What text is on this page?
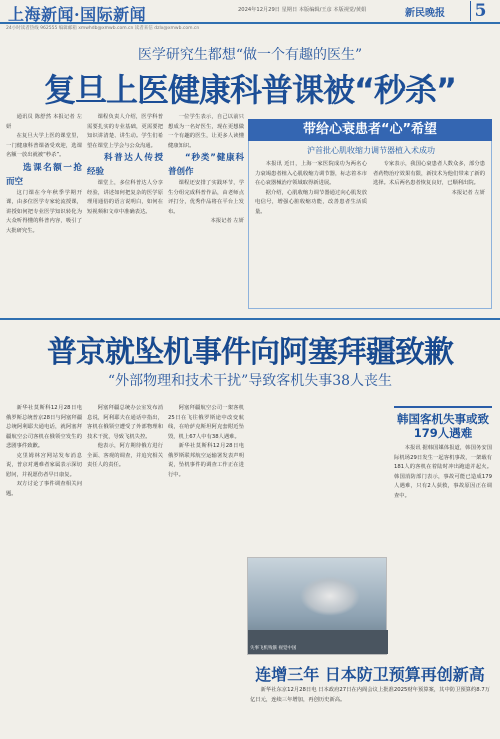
上海新闻·国际新闻	2024年12月29日 星期日 本版编辑/王彦 本版视觉/黄娟	新民晚报 5
24小时读者热线 962555 编辑邮箱 xmwhdb@xmwb.com.cn 读者来信 dzlx@xmwb.com.cn
医学研究生都想“做一个有趣的医生”
复旦上医健康科普课被“秒杀”

通讯员 陈舒然 本报记者 左妍

在复旦大学上医的课堂里，一门健康科普课备受欢迎，选课名额一放出就被“秒杀”。

选课名额一抢而空

这门课在今年秋季学期开课，由多位医学专家轮流授课，讲授如何把专业医学知识转化为大众听得懂的科普内容，吸引了大批研究生。

课程负责人介绍，医学科普需要扎实的专业基础，更需要把知识讲清楚、讲生动。学生们希望在课堂上学会与公众沟通。

科普达人传授经验

课堂上，多位科普达人分享经验，讲述如何把复杂的医学原理用通俗的语言说明白，如何在短视频和文章中准确表达。

一位学生表示，自己以前只想成为一名好医生，现在更想做一个有趣的医生，让更多人读懂健康知识。

“秒类”健康科普创作

课程还安排了实践环节，学生分组完成科普作品，由老师点评打分，优秀作品将在平台上发布。

本报记者 左妍

带给心衰患者“心”希望
沪首批心肌收缩力调节器植入术成功

本报讯 近日，上海一家医院成功为两名心力衰竭患者植入心肌收缩力调节器，标志着本市在心衰器械治疗领域取得新进展。

据介绍，心肌收缩力调节器通过向心肌发放电信号，增强心脏收缩功能，改善患者生活质量。

专家表示，我国心衰患者人数众多，部分患者药物治疗效果有限，新技术为他们带来了新的选择。术后两名患者恢复良好，已顺利出院。

本报记者 左妍

普京就坠机事件向阿塞拜疆致歉
“外部物理和技术干扰”导致客机失事38人丧生

新华社莫斯科12月28日电 俄罗斯总统普京28日与阿塞拜疆总统阿利耶夫通电话，就阿塞拜疆航空公司客机在俄领空发生的悲剧事件致歉。

克里姆林宫网站发布消息说，普京对遇难者家属表示深切慰问，并祝愿伤者早日康复。

双方讨论了事件调查相关问题。

阿塞拜疆总统办公室发布消息说，阿利耶夫在通话中指出，客机在俄领空遭受了外部物理和技术干扰，导致飞机失控。

他表示，阿方期待俄方进行全面、客观的调查，并追究相关责任人的责任。

阿塞拜疆航空公司一架客机25日在飞往俄罗斯途中改变航线，在哈萨克斯坦阿克套附近坠毁，机上67人中有38人遇难。

新华社莫斯科12月28日电 俄罗斯联邦航空运输署发表声明说，坠机事件的调查工作正在进行中。

韩国客机失事或致179人遇难

本报讯 据韩国媒体报道，韩国务安国际机场29日发生一起客机事故，一架载有181人的客机在着陆时冲出跑道并起火。韩国消防部门表示，事故可能已造成179人遇难，只有2人获救，事故原因正在调查中。

失事飞机残骸 视觉中国
连增三年 日本防卫预算再创新高

新华社东京12月28日电 日本政府27日在内阁会议上批准2025财年预算案，其中防卫预算约8.7万亿日元，连续三年增加，再创历史新高。
